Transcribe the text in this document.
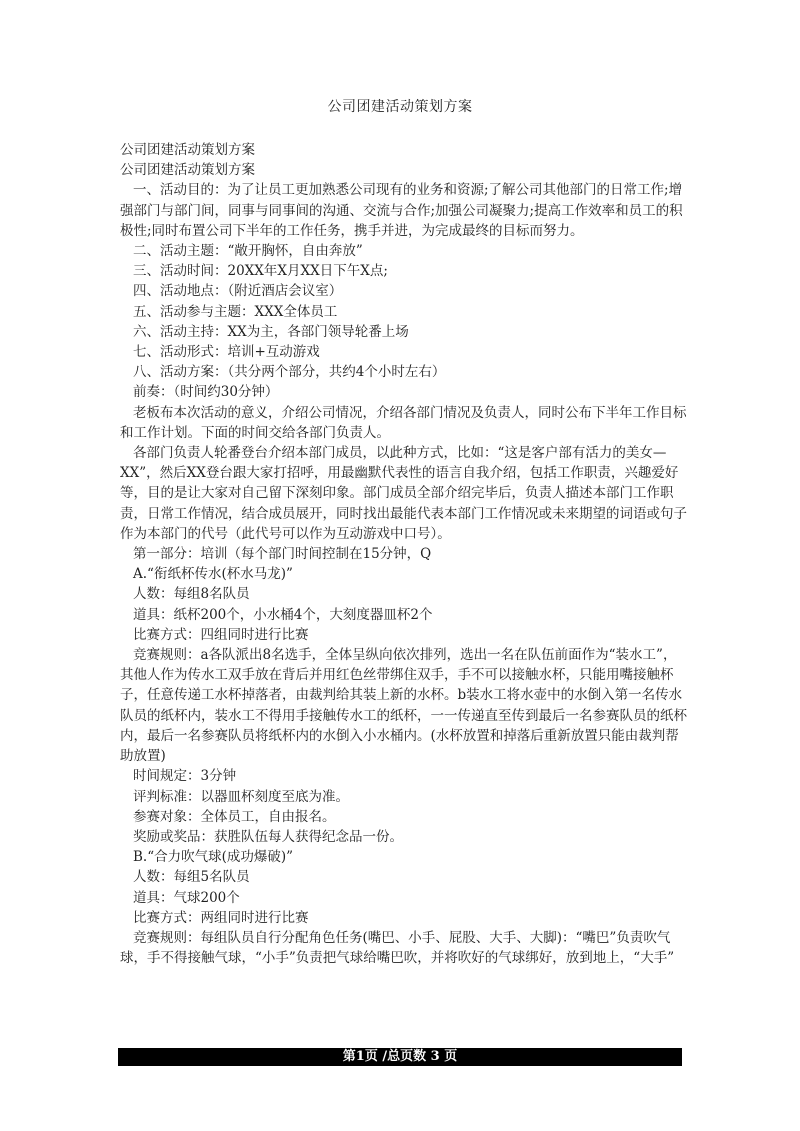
公司团建活动策划方案

公司团建活动策划方案

公司团建活动策划方案

一、活动目的：为了让员工更加熟悉公司现有的业务和资源;了解公司其他部门的日常工作;增强部门与部门间，同事与同事间的沟通、交流与合作;加强公司凝聚力;提高工作效率和员工的积极性;同时布置公司下半年的工作任务，携手并进，为完成最终的目标而努力。

二、活动主题：“敞开胸怀，自由奔放”

三、活动时间：20XX年X月XX日下午X点;

四、活动地点：（附近酒店会议室）

五、活动参与主题：XXX全体员工

六、活动主持：XX为主，各部门领导轮番上场

七、活动形式：培训+互动游戏

八、活动方案：（共分两个部分，共约4个小时左右）

前奏：（时间约30分钟）

老板布本次活动的意义，介绍公司情况，介绍各部门情况及负责人，同时公布下半年工作目标和工作计划。下面的时间交给各部门负责人。

各部门负责人轮番登台介绍本部门成员，以此种方式，比如：“这是客户部有活力的美女—XX”，然后XX登台跟大家打招呼，用最幽默代表性的语言自我介绍，包括工作职责，兴趣爱好等，目的是让大家对自己留下深刻印象。部门成员全部介绍完毕后，负责人描述本部门工作职责，日常工作情况，结合成员展开，同时找出最能代表本部门工作情况或未来期望的词语或句子作为本部门的代号（此代号可以作为互动游戏中口号）。

第一部分：培训（每个部门时间控制在15分钟，Q

A.“衔纸杯传水(杯水马龙)”

人数：每组8名队员

道具：纸杯200个，小水桶4个，大刻度器皿杯2个

比赛方式：四组同时进行比赛

竞赛规则：a各队派出8名选手，全体呈纵向依次排列，选出一名在队伍前面作为“装水工”，其他人作为传水工双手放在背后并用红色丝带绑住双手，手不可以接触水杯，只能用嘴接触杯子，任意传递工水杯掉落者，由裁判给其装上新的水杯。b装水工将水壶中的水倒入第一名传水队员的纸杯内，装水工不得用手接触传水工的纸杯，一一传递直至传到最后一名参赛队员的纸杯内，最后一名参赛队员将纸杯内的水倒入小水桶内。(水杯放置和掉落后重新放置只能由裁判帮助放置)

时间规定：3分钟

评判标准：以器皿杯刻度至底为准。

参赛对象：全体员工，自由报名。

奖励或奖品：获胜队伍每人获得纪念品一份。

B.“合力吹气球(成功爆破)”

人数：每组5名队员

道具：气球200个

比赛方式：两组同时进行比赛

竞赛规则：每组队员自行分配角色任务(嘴巴、小手、屁股、大手、大脚)：“嘴巴”负责吹气球，手不得接触气球，“小手”负责把气球给嘴巴吹，并将吹好的气球绑好，放到地上，“大手”

第1页 /总页数 3 页
